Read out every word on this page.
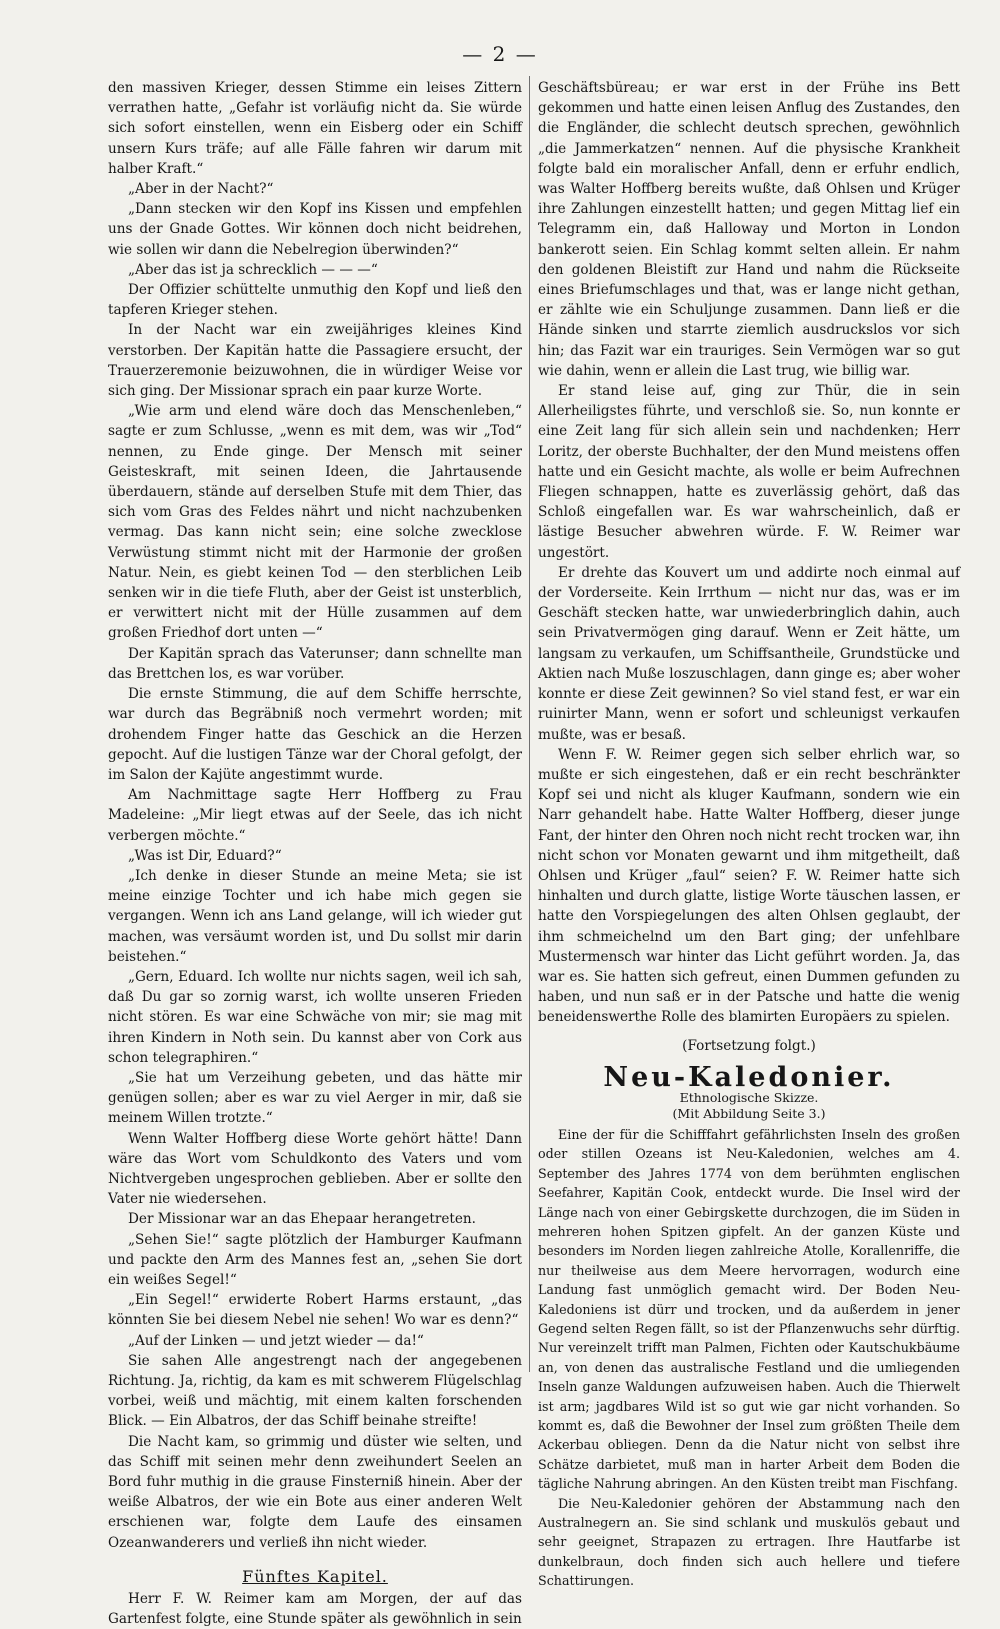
— 2 —

den massiven Krieger, dessen Stimme ein leises Zittern verrathen hatte, „Gefahr ist vorläufig nicht da. Sie würde sich sofort einstellen, wenn ein Eisberg oder ein Schiff unsern Kurs träfe; auf alle Fälle fahren wir darum mit halber Kraft.“

„Aber in der Nacht?“

„Dann stecken wir den Kopf ins Kissen und empfehlen uns der Gnade Gottes. Wir können doch nicht beidrehen, wie sollen wir dann die Nebelregion überwinden?“

„Aber das ist ja schrecklich — — —“

Der Offizier schüttelte unmuthig den Kopf und ließ den tapferen Krieger stehen.

In der Nacht war ein zweijähriges kleines Kind verstorben. Der Kapitän hatte die Passagiere ersucht, der Trauerzeremonie beizuwohnen, die in würdiger Weise vor sich ging. Der Missionar sprach ein paar kurze Worte.

„Wie arm und elend wäre doch das Menschenleben,“ sagte er zum Schlusse, „wenn es mit dem, was wir „Tod“ nennen, zu Ende ginge. Der Mensch mit seiner Geisteskraft, mit seinen Ideen, die Jahrtausende überdauern, stände auf derselben Stufe mit dem Thier, das sich vom Gras des Feldes nährt und nicht nachzubenken vermag. Das kann nicht sein; eine solche zwecklose Verwüstung stimmt nicht mit der Harmonie der großen Natur. Nein, es giebt keinen Tod — den sterblichen Leib senken wir in die tiefe Fluth, aber der Geist ist unsterblich, er verwittert nicht mit der Hülle zusammen auf dem großen Friedhof dort unten —“

Der Kapitän sprach das Vaterunser; dann schnellte man das Brettchen los, es war vorüber.

Die ernste Stimmung, die auf dem Schiffe herrschte, war durch das Begräbniß noch vermehrt worden; mit drohendem Finger hatte das Geschick an die Herzen gepocht. Auf die lustigen Tänze war der Choral gefolgt, der im Salon der Kajüte angestimmt wurde.

Am Nachmittage sagte Herr Hoffberg zu Frau Madeleine: „Mir liegt etwas auf der Seele, das ich nicht verbergen möchte.“

„Was ist Dir, Eduard?“

„Ich denke in dieser Stunde an meine Meta; sie ist meine einzige Tochter und ich habe mich gegen sie vergangen. Wenn ich ans Land gelange, will ich wieder gut machen, was versäumt worden ist, und Du sollst mir darin beistehen.“

„Gern, Eduard. Ich wollte nur nichts sagen, weil ich sah, daß Du gar so zornig warst, ich wollte unseren Frieden nicht stören. Es war eine Schwäche von mir; sie mag mit ihren Kindern in Noth sein. Du kannst aber von Cork aus schon telegraphiren.“

„Sie hat um Verzeihung gebeten, und das hätte mir genügen sollen; aber es war zu viel Aerger in mir, daß sie meinem Willen trotzte.“

Wenn Walter Hoffberg diese Worte gehört hätte! Dann wäre das Wort vom Schuldkonto des Vaters und vom Nichtvergeben ungesprochen geblieben. Aber er sollte den Vater nie wiedersehen.

Der Missionar war an das Ehepaar herangetreten.

„Sehen Sie!“ sagte plötzlich der Hamburger Kaufmann und packte den Arm des Mannes fest an, „sehen Sie dort ein weißes Segel!“

„Ein Segel!“ erwiderte Robert Harms erstaunt, „das könnten Sie bei diesem Nebel nie sehen! Wo war es denn?“

„Auf der Linken — und jetzt wieder — da!“

Sie sahen Alle angestrengt nach der angegebenen Richtung. Ja, richtig, da kam es mit schwerem Flügelschlag vorbei, weiß und mächtig, mit einem kalten forschenden Blick. — Ein Albatros, der das Schiff beinahe streifte!

Die Nacht kam, so grimmig und düster wie selten, und das Schiff mit seinen mehr denn zweihundert Seelen an Bord fuhr muthig in die grause Finsterniß hinein. Aber der weiße Albatros, der wie ein Bote aus einer anderen Welt erschienen war, folgte dem Laufe des einsamen Ozeanwanderers und verließ ihn nicht wieder.

Fünftes Kapitel.

Herr F. W. Reimer kam am Morgen, der auf das Gartenfest folgte, eine Stunde später als gewöhnlich in sein

Geschäftsbüreau; er war erst in der Frühe ins Bett gekommen und hatte einen leisen Anflug des Zustandes, den die Engländer, die schlecht deutsch sprechen, gewöhnlich „die Jammerkatzen“ nennen. Auf die physische Krankheit folgte bald ein moralischer Anfall, denn er erfuhr endlich, was Walter Hoffberg bereits wußte, daß Ohlsen und Krüger ihre Zahlungen einzestellt hatten; und gegen Mittag lief ein Telegramm ein, daß Halloway und Morton in London bankerott seien. Ein Schlag kommt selten allein. Er nahm den goldenen Bleistift zur Hand und nahm die Rückseite eines Briefumschlages und that, was er lange nicht gethan, er zählte wie ein Schuljunge zusammen. Dann ließ er die Hände sinken und starrte ziemlich ausdruckslos vor sich hin; das Fazit war ein trauriges. Sein Vermögen war so gut wie dahin, wenn er allein die Last trug, wie billig war.

Er stand leise auf, ging zur Thür, die in sein Allerheiligstes führte, und verschloß sie. So, nun konnte er eine Zeit lang für sich allein sein und nachdenken; Herr Loritz, der oberste Buchhalter, der den Mund meistens offen hatte und ein Gesicht machte, als wolle er beim Aufrechnen Fliegen schnappen, hatte es zuverlässig gehört, daß das Schloß eingefallen war. Es war wahrscheinlich, daß er lästige Besucher abwehren würde. F. W. Reimer war ungestört.

Er drehte das Kouvert um und addirte noch einmal auf der Vorderseite. Kein Irrthum — nicht nur das, was er im Geschäft stecken hatte, war unwiederbringlich dahin, auch sein Privatvermögen ging darauf. Wenn er Zeit hätte, um langsam zu verkaufen, um Schiffsantheile, Grundstücke und Aktien nach Muße loszuschlagen, dann ginge es; aber woher konnte er diese Zeit gewinnen? So viel stand fest, er war ein ruinirter Mann, wenn er sofort und schleunigst verkaufen mußte, was er besaß.

Wenn F. W. Reimer gegen sich selber ehrlich war, so mußte er sich eingestehen, daß er ein recht beschränkter Kopf sei und nicht als kluger Kaufmann, sondern wie ein Narr gehandelt habe. Hatte Walter Hoffberg, dieser junge Fant, der hinter den Ohren noch nicht recht trocken war, ihn nicht schon vor Monaten gewarnt und ihm mitgetheilt, daß Ohlsen und Krüger „faul“ seien? F. W. Reimer hatte sich hinhalten und durch glatte, listige Worte täuschen lassen, er hatte den Vorspiegelungen des alten Ohlsen geglaubt, der ihm schmeichelnd um den Bart ging; der unfehlbare Mustermensch war hinter das Licht geführt worden. Ja, das war es. Sie hatten sich gefreut, einen Dummen gefunden zu haben, und nun saß er in der Patsche und hatte die wenig beneidenswerthe Rolle des blamirten Europäers zu spielen.

(Fortsetzung folgt.)
Neu-Kaledonier.
Ethnologische Skizze.
(Mit Abbildung Seite 3.)

Eine der für die Schifffahrt gefährlichsten Inseln des großen oder stillen Ozeans ist Neu-Kaledonien, welches am 4. September des Jahres 1774 von dem berühmten englischen Seefahrer, Kapitän Cook, entdeckt wurde. Die Insel wird der Länge nach von einer Gebirgskette durchzogen, die im Süden in mehreren hohen Spitzen gipfelt. An der ganzen Küste und besonders im Norden liegen zahlreiche Atolle, Korallenriffe, die nur theilweise aus dem Meere hervorragen, wodurch eine Landung fast unmöglich gemacht wird. Der Boden Neu-Kaledoniens ist dürr und trocken, und da außerdem in jener Gegend selten Regen fällt, so ist der Pflanzenwuchs sehr dürftig. Nur vereinzelt trifft man Palmen, Fichten oder Kautschukbäume an, von denen das australische Festland und die umliegenden Inseln ganze Waldungen aufzuweisen haben. Auch die Thierwelt ist arm; jagdbares Wild ist so gut wie gar nicht vorhanden. So kommt es, daß die Bewohner der Insel zum größten Theile dem Ackerbau obliegen. Denn da die Natur nicht von selbst ihre Schätze darbietet, muß man in harter Arbeit dem Boden die tägliche Nahrung abringen. An den Küsten treibt man Fischfang.

Die Neu-Kaledonier gehören der Abstammung nach den Australnegern an. Sie sind schlank und muskulös gebaut und sehr geeignet, Strapazen zu ertragen. Ihre Hautfarbe ist dunkelbraun, doch finden sich auch hellere und tiefere Schattirungen.
